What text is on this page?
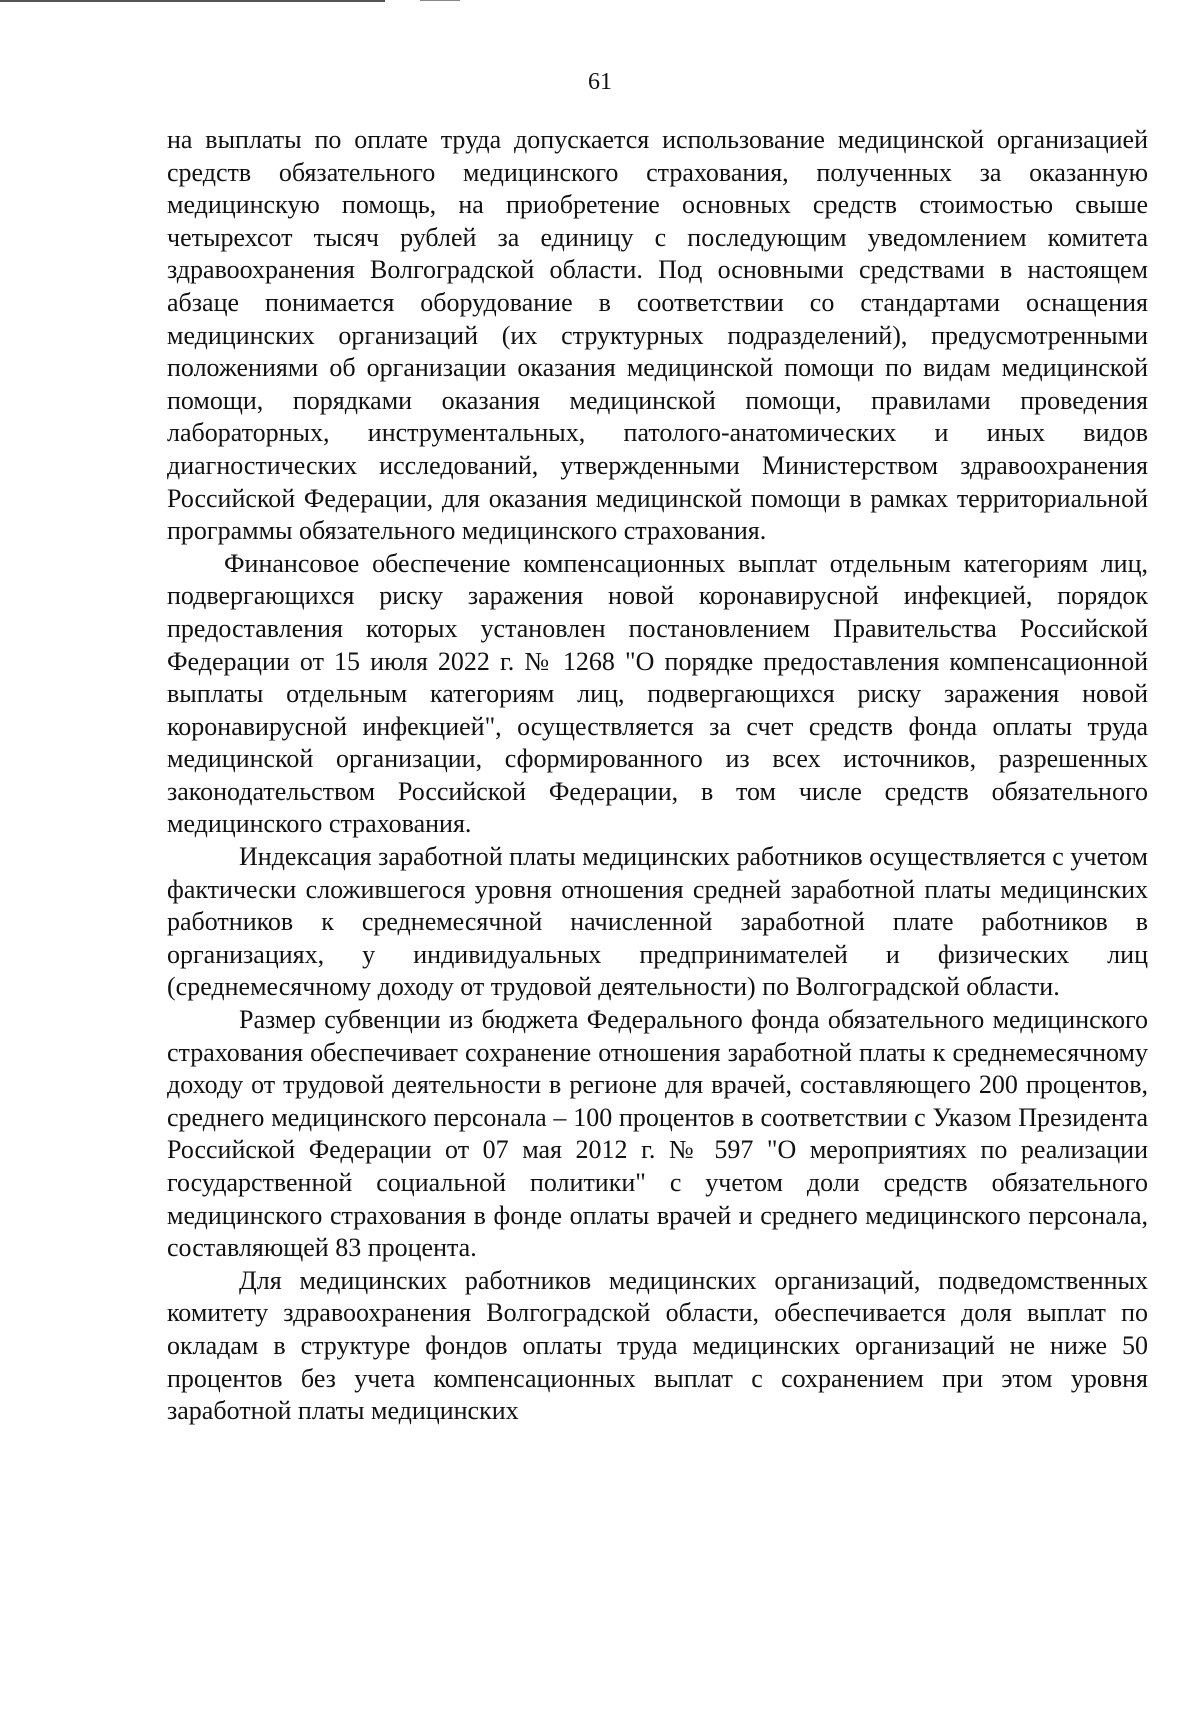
61

на выплаты по оплате труда допускается использование медицинской организацией средств обязательного медицинского страхования, полученных за оказанную медицинскую помощь, на приобретение основных средств стоимостью свыше четырехсот тысяч рублей за единицу с последующим уведомлением комитета здравоохранения Волгоградской области. Под основными средствами в настоящем абзаце понимается оборудование в соответствии со стандартами оснащения медицинских организаций (их структурных подразделений), предусмотренными положениями об организации оказания медицинской помощи по видам медицинской помощи, порядками оказания медицинской помощи, правилами проведения лабораторных, инструментальных, патолого-анатомических и иных видов диагностических исследований, утвержденными Министерством здравоохранения Российской Федерации, для оказания медицинской помощи в рамках территориальной программы обязательного медицинского страхования.

Финансовое обеспечение компенсационных выплат отдельным категориям лиц, подвергающихся риску заражения новой коронавирусной инфекцией, порядок предоставления которых установлен постановлением Правительства Российской Федерации от 15 июля 2022 г. № 1268 "О порядке предоставления компенсационной выплаты отдельным категориям лиц, подвергающихся риску заражения новой коронавирусной инфекцией", осуществляется за счет средств фонда оплаты труда медицинской организации, сформированного из всех источников, разрешенных законодательством Российской Федерации, в том числе средств обязательного медицинского страхования.

Индексация заработной платы медицинских работников осуществляется с учетом фактически сложившегося уровня отношения средней заработной платы медицинских работников к среднемесячной начисленной заработной плате работников в организациях, у индивидуальных предпринимателей и физических лиц (среднемесячному доходу от трудовой деятельности) по Волгоградской области.

Размер субвенции из бюджета Федерального фонда обязательного медицинского страхования обеспечивает сохранение отношения заработной платы к среднемесячному доходу от трудовой деятельности в регионе для врачей, составляющего 200 процентов, среднего медицинского персонала – 100 процентов в соответствии с Указом Президента Российской Федерации от 07 мая 2012 г. № 597 "О мероприятиях по реализации государственной социальной политики" с учетом доли средств обязательного медицинского страхования в фонде оплаты врачей и среднего медицинского персонала, составляющей 83 процента.

Для медицинских работников медицинских организаций, подведомственных комитету здравоохранения Волгоградской области, обеспечивается доля выплат по окладам в структуре фондов оплаты труда медицинских организаций не ниже 50 процентов без учета компенсационных выплат с сохранением при этом уровня заработной платы медицинских
